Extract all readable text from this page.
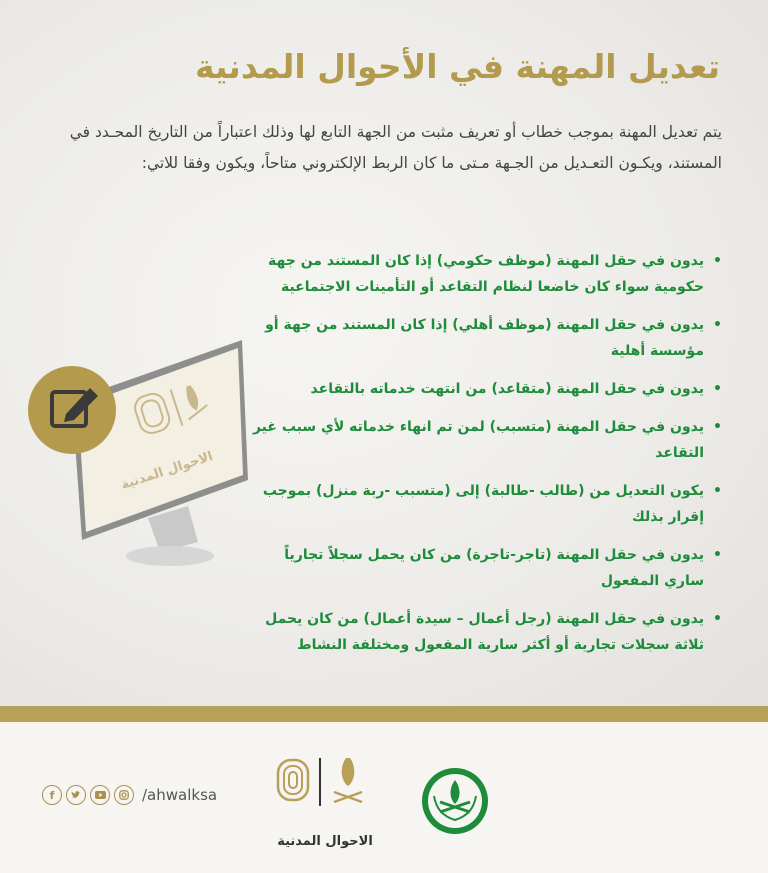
تعديل المهنة في الأحوال المدنية

يتم تعديل المهنة بموجب خطاب أو تعريف مثبت من الجهة التابع لها وذلك اعتباراً من التاريخ المحـدد في المستند، ويكـون التعـديل من الجـهة مـتى ما كان الربط الإلكتروني متاحاً، ويكون وفقا للاتي:

• يدون في حقل المهنة (موظف حكومي) إذا كان المستند من جهة حكومية سواء كان خاضعا لنظام التقاعد أو التأمينات الاجتماعية
• يدون في حقل المهنة (موظف أهلي) إذا كان المستند من جهة أو مؤسسة أهلية
• يدون في حقل المهنة (متقاعد) من انتهت خدماته بالتقاعد
• يدون في حقل المهنة (متسبب) لمن تم انهاء خدماته لأي سبب غير التقاعد
• يكون التعديل من (طالب -طالبة) إلى (متسبب -ربة منزل) بموجب إقرار بذلك
• يدون في حقل المهنة (تاجر-تاجرة) من كان يحمل سجلاً تجارياً ساري المفعول
• يدون في حقل المهنة (رجل أعمال – سيدة أعمال) من كان يحمل ثلاثة سجلات تجارية أو أكثر سارية المفعول ومختلفة النشاط
الاحوال المدنية
f	/ahwalksa
الاحوال المدنية
